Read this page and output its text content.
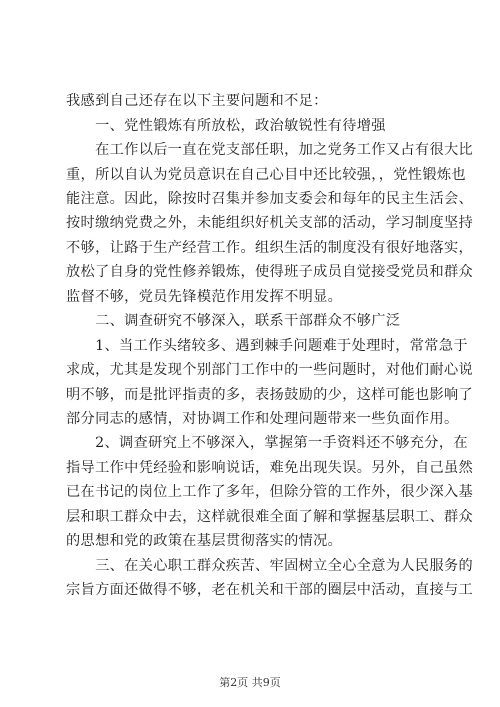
我感到自己还存在以下主要问题和不足：
　　一、党性锻炼有所放松，政治敏锐性有待增强
　　在工作以后一直在党支部任职，加之党务工作又占有很大比
重，所以自认为党员意识在自己心目中还比较强，，党性锻炼也
能注意。因此，除按时召集并参加支委会和每年的民主生活会、
按时缴纳党费之外，未能组织好机关支部的活动，学习制度坚持
不够，让路于生产经营工作。组织生活的制度没有很好地落实，
放松了自身的党性修养锻炼，使得班子成员自觉接受党员和群众
监督不够，党员先锋模范作用发挥不明显。
　　二、调查研究不够深入，联系干部群众不够广泛
　　1、当工作头绪较多、遇到棘手问题难于处理时，常常急于
求成，尤其是发现个别部门工作中的一些问题时，对他们耐心说
明不够，而是批评指责的多，表扬鼓励的少，这样可能也影响了
部分同志的感情，对协调工作和处理问题带来一些负面作用。
　　2、调查研究上不够深入，掌握第一手资料还不够充分，在
指导工作中凭经验和影响说话，难免出现失误。另外，自己虽然
已在书记的岗位上工作了多年，但除分管的工作外，很少深入基
层和职工群众中去，这样就很难全面了解和掌握基层职工、群众
的思想和党的政策在基层贯彻落实的情况。
　　三、在关心职工群众疾苦、牢固树立全心全意为人民服务的
宗旨方面还做得不够，老在机关和干部的圈层中活动，直接与工
第2页 共9页
